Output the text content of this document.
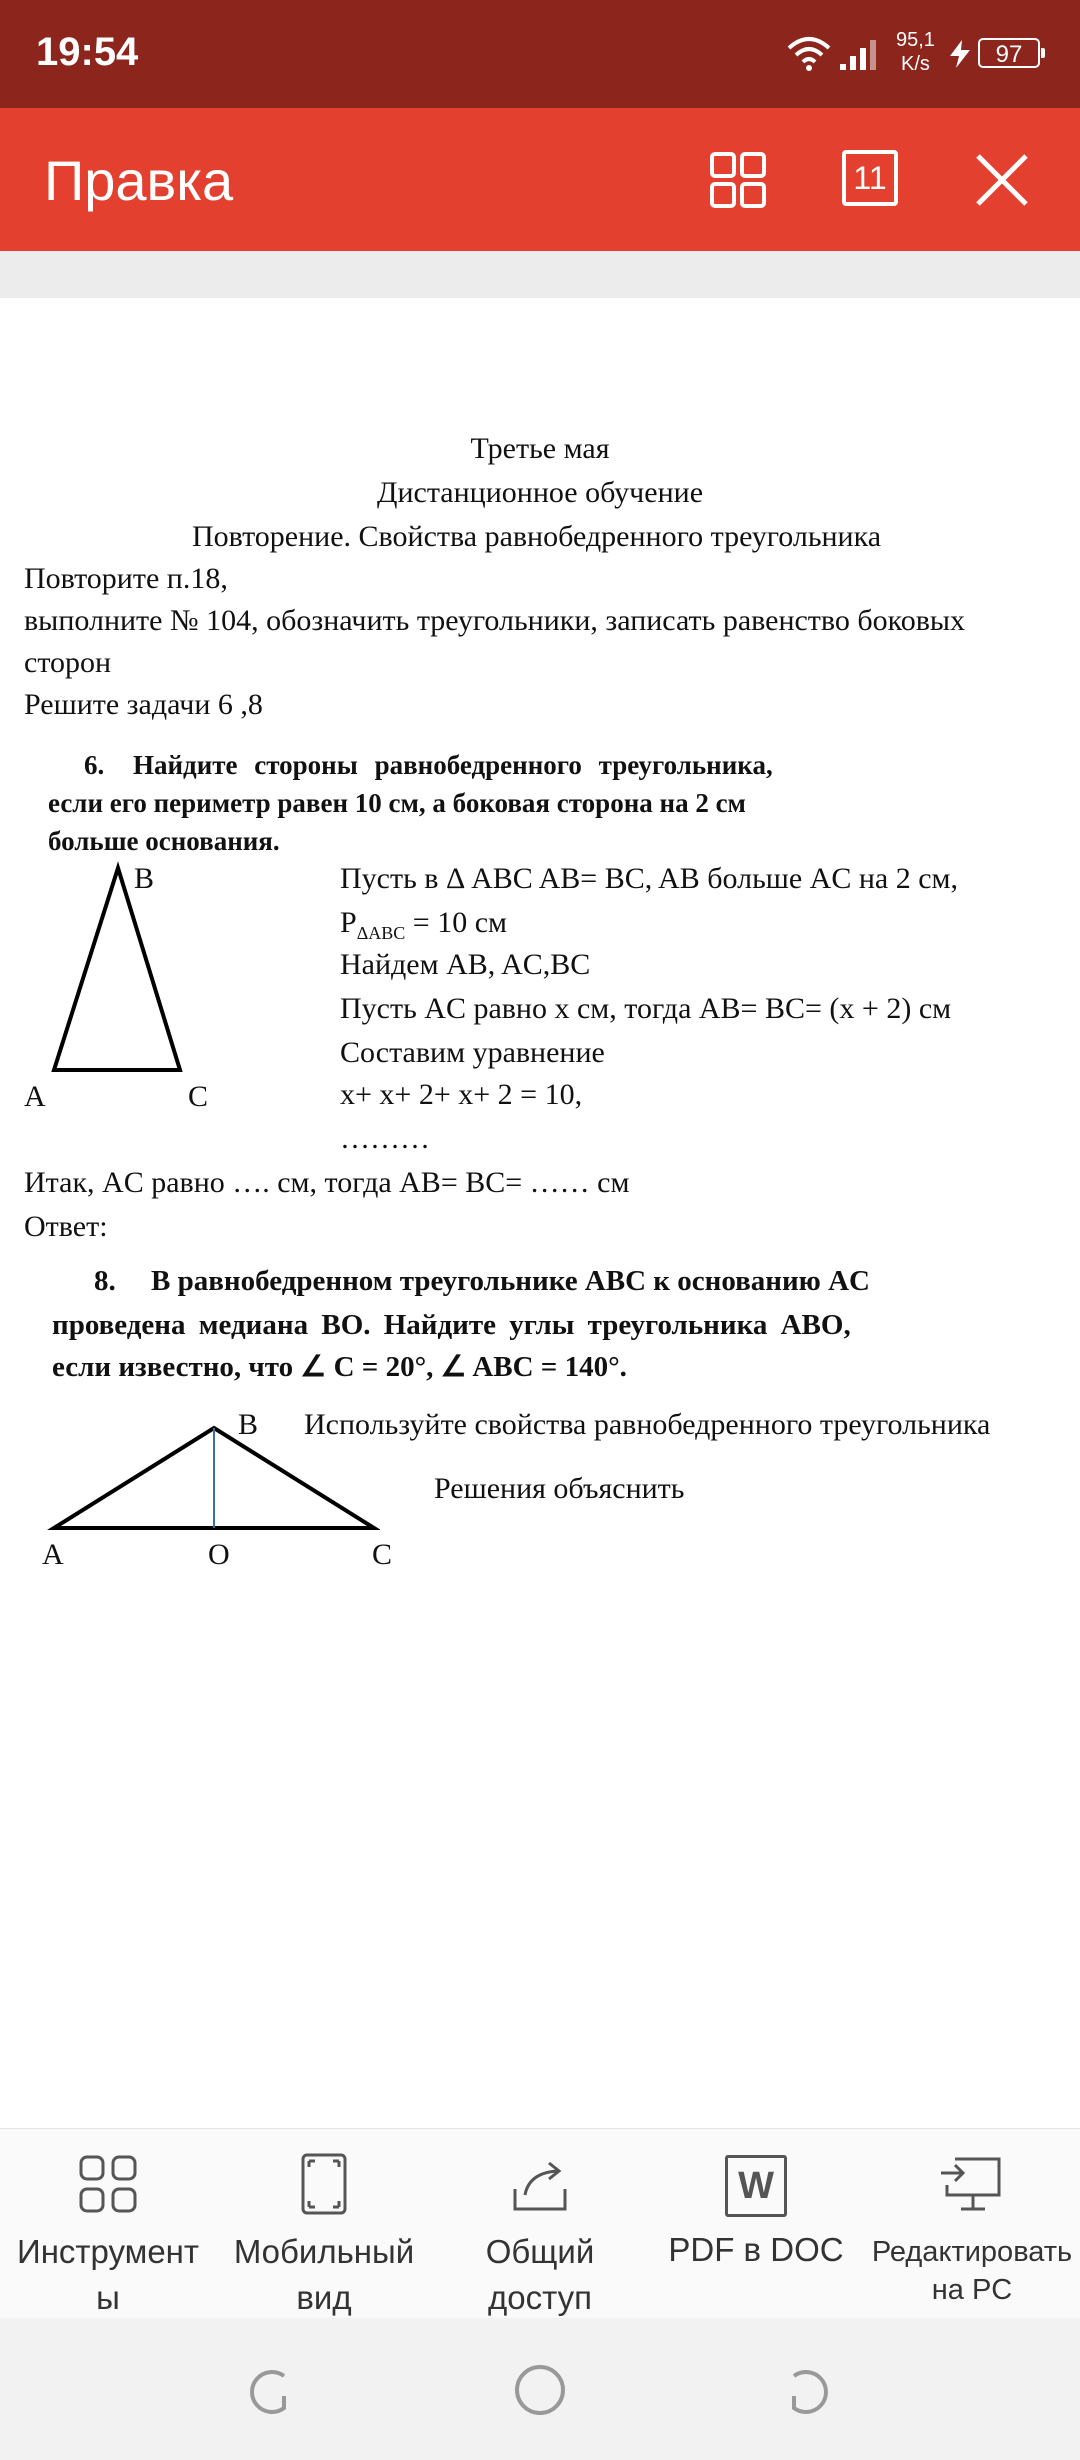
19:54	95,1
K/s	97
Правка	11
Третье мая
Дистанционное обучение
Повторение. Свойства равнобедренного треугольника
Повторите п.18,
выполните № 104, обозначить треугольники, записать равенство боковых
сторон
Решите задачи 6 ,8
6. Найдите стороны равнобедренного треугольника,
если его периметр равен 10 см, а боковая сторона на 2 см
больше основания.
B
A	C
Пусть в Δ ABC AB= BC, AB больше AC на 2 см,
$P_{\Delta ABC} = 10$ см
Найдем AB, AC,BC
Пусть AC равно x см, тогда AB= BC= (x + 2) см
Составим уравнение
x+ x+ 2+ x+ 2 = 10,
………
Итак, AC равно …. см, тогда AB= BC= …… см
Ответ:
8. В равнобедренном треугольнике ABC к основанию AC
проведена медиана BO. Найдите углы треугольника ABO,
если известно, что ∠ C = 20°, ∠ ABC = 140°.
B
A	O	C
Используйте свойства равнобедренного треугольника
Решения объяснить
Инструмент
ы
Мобильный
вид
Общий
доступ
W
PDF в DOC Редактировать
на PC
